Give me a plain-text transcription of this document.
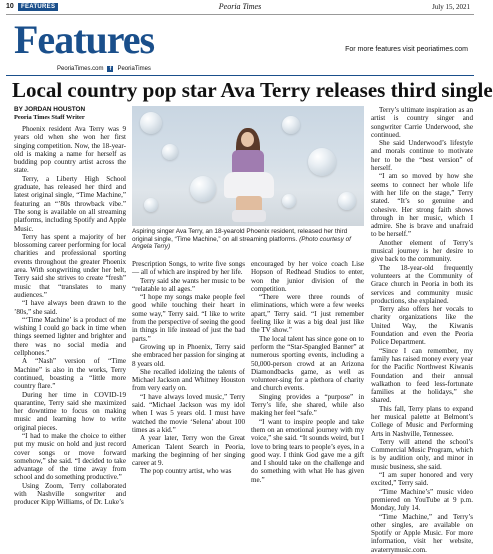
10	FEATURES	Peoria Times	July 15, 2021
Features
PeoriaTimes.com	f	PeoriaTimes
For more features visit peoriatimes.com
Local country pop star Ava Terry releases third single
BY JORDAN HOUSTON
Peoria Times Staff Writer

Phoenix resident Ava Terry was 9 years old when she won her first singing competition. Now, the 18-year-old is making a name for herself as budding pop country artist across the state.

Terry, a Liberty High School graduate, has released her third and latest original single, “Time Machine,” featuring an “’80s throwback vibe.” The song is available on all streaming platforms, including Spotify and Apple Music.

Terry has spent a majority of her blossoming career performing for local charities and professional sporting events throughout the greater Phoenix area. With songwriting under her belt, Terry said she strives to create “fresh” music that “translates to many audiences.”

“I have always been drawn to the ’80s,” she said.

“‘Time Machine’ is a product of me wishing I could go back in time when things seemed lighter and brighter and there was no social media and cellphones.”

A “Nash” version of “Time Machine” is also in the works, Terry continued, boasting a “little more country flare.”

During her time in COVID-19 quarantine, Terry said she maximized her downtime to focus on making music and learning how to write original pieces.

“I had to make the choice to either put my music on hold and just record cover songs or move forward somehow,” she said. “I decided to take advantage of the time away from school and do something productive.”

Using Zoom, Terry collaborated with Nashville songwriter and producer Kipp Williams, of Dr. Luke’s

Aspiring singer Ava Terry, an 18-yearold Phoenix resident, released her third original single, “Time Machine,” on all streaming platforms. (Photo courtesy of Angela Terry)

Prescription Songs, to write five songs — all of which are inspired by her life.

Terry said she wants her music to be “relatable to all ages.”

“I hope my songs make people feel good while touching their heart in some way,” Terry said. “I like to write from the perspective of seeing the good in things in life instead of just the bad parts.”

Growing up in Phoenix, Terry said she embraced her passion for singing at 8 years old.

She recalled idolizing the talents of Michael Jackson and Whitney Houston from very early on.

“I have always loved music,” Terry said. “Michael Jackson was my idol when I was 5 years old. I must have watched the movie ‘Selena’ about 100 times as a kid.”

A year later, Terry won the Great American Talent Search in Peoria, marking the beginning of her singing career at 9.

The pop country artist, who was

encouraged by her voice coach Lise Hopson of Redhead Studios to enter, won the junior division of the competition.

“There were three rounds of eliminations, which were a few weeks apart,” Terry said. “I just remember feeling like it was a big deal just like the TV show.”

The local talent has since gone on to perform the “Star-Spangled Banner” at numerous sporting events, including a 50,000-person crowd at an Arizona Diamondbacks game, as well as volunteer-sing for a plethora of charity and church events.

Singing provides a “purpose” in Terry’s life, she shared, while also making her feel “safe.”

“I want to inspire people and take them on an emotional journey with my voice,” she said. “It sounds weird, but I love to bring tears to people’s eyes, in a good way. I think God gave me a gift and I should take on the challenge and do something with what He has given me.”

Terry’s ultimate inspiration as an artist is country singer and songwriter Carrie Underwood, she continued.

She said Underwood’s lifestyle and morals continue to motivate her to be the “best version” of herself.

“I am so moved by how she seems to connect her whole life with her life on the stage,” Terry stated. “It’s so genuine and cohesive. Her strong faith shows through in her music, which I admire. She is brave and unafraid to be herself.”

Another element of Terry’s musical journey is her desire to give back to the community.

The 18-year-old frequently volunteers at the Community of Grace church in Peoria in both its services and community music productions, she explained.

Terry also offers her vocals to charity organizations like the United Way, the Kiwanis Foundation and even the Peoria Police Department.

“Since I can remember, my family has raised money every year for the Pacific Northwest Kiwanis Foundation and their annual walkathon to feed less-fortunate families at the holidays,” she shared.

This fall, Terry plans to expand her musical palette at Belmont’s College of Music and Performing Arts in Nashville, Tennessee.

Terry will attend the school’s Commercial Music Program, which is by audition only, and minor in music business, she said.

“I am super honored and very excited,” Terry said.

“Time Machine’s” music video premiered on YouTube at 9 p.m. Monday, July 14.

“Time Machine,” and Terry’s other singles, are available on Spotify or Apple Music. For more information, visit her website, avaterrymusic.com.
